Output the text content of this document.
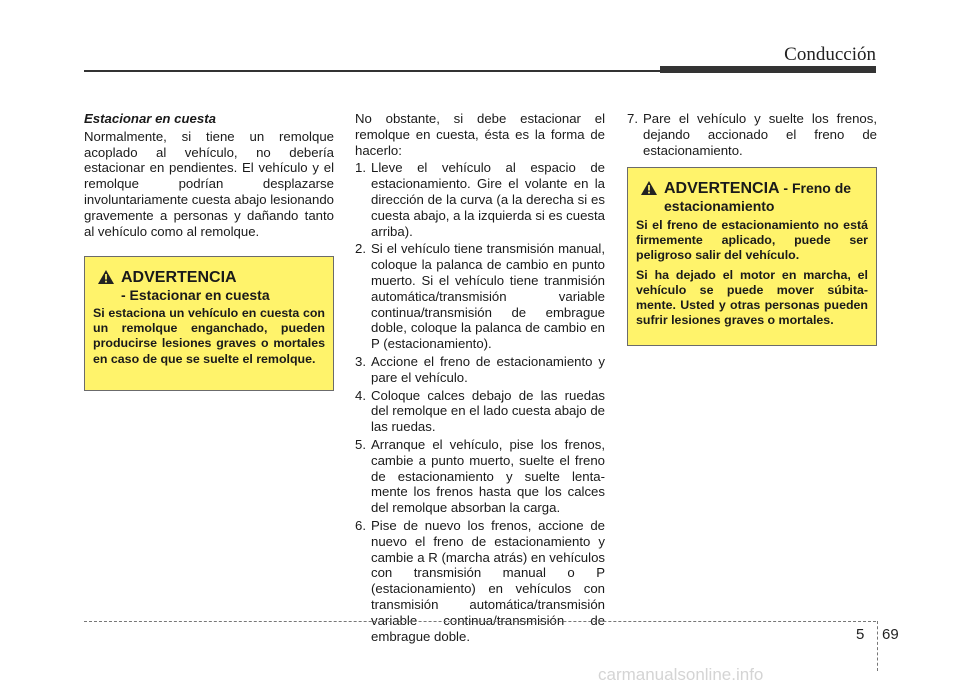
Conducción

Estacionar en cuesta

Normalmente, si tiene un remolque acoplado al vehículo, no debería estacionar en pendientes. El vehículo y el remolque podrían desplazarse involuntariamente cuesta abajo lesionando gravemente a personas y dañando tanto al vehículo como al remolque.

ADVERTENCIA
- Estacionar en cuesta

Si estaciona un vehículo en cuesta con un remolque enganchado, pueden producirse lesiones graves o mortales en caso de que se suelte el remolque.

No obstante, si debe estacionar el remolque en cuesta, ésta es la forma de hacerlo:

1. Lleve el vehículo al espacio de estacionamiento. Gire el volante en la dirección de la curva (a la derecha si es cuesta abajo, a la izquierda si es cuesta arriba).
2. Si el vehículo tiene transmisión manual, coloque la palanca de cambio en punto muerto. Si el vehículo tiene tranmisión automática/transmisión variable continua/transmisión de embrague doble, coloque la palanca de cambio en P (estacionamiento).
3. Accione el freno de estacionamiento y pare el vehículo.
4. Coloque calces debajo de las ruedas del remolque en el lado cuesta abajo de las ruedas.
5. Arranque el vehículo, pise los frenos, cambie a punto muerto, suelte el freno de estacionamiento y suelte lenta-mente los frenos hasta que los calces del remolque absorban la carga.
6. Pise de nuevo los frenos, accione de nuevo el freno de estacionamiento y cambie a R (marcha atrás) en vehículos con transmisión manual o P (estacionamiento) en vehículos con transmisión automática/transmisión variable continua/transmisión de embrague doble.
7. Pare el vehículo y suelte los frenos, dejando accionado el freno de estacionamiento.
ADVERTENCIA - Freno de estacionamiento

Si el freno de estacionamiento no está firmemente aplicado, puede ser peligroso salir del vehículo.

Si ha dejado el motor en marcha, el vehículo se puede mover súbita-mente. Usted y otras personas pueden sufrir lesiones graves o mortales.

5 69
carmanualsonline.info
